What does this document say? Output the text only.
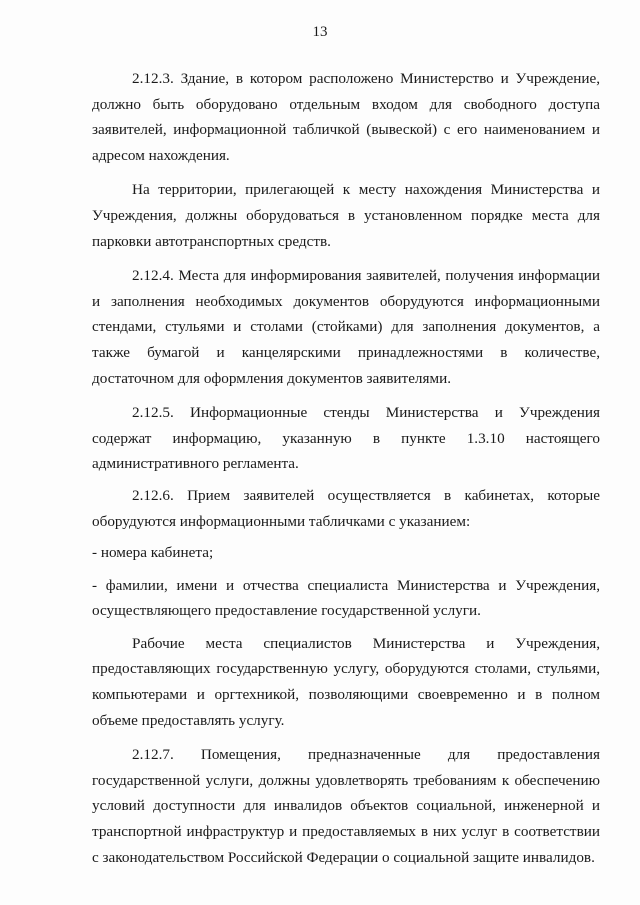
13

2.12.3. Здание, в котором расположено Министерство и Учреждение, должно быть оборудовано отдельным входом для свободного доступа заявителей, информационной табличкой (вывеской) с его наименованием и адресом нахождения.

На территории, прилегающей к месту нахождения Министерства и Учреждения, должны оборудоваться в установленном порядке места для парковки автотранспортных средств.

2.12.4. Места для информирования заявителей, получения информации и заполнения необходимых документов оборудуются информационными стендами, стульями и столами (стойками) для заполнения документов, а также бумагой и канцелярскими принадлежностями в количестве, достаточном для оформления документов заявителями.

2.12.5. Информационные стенды Министерства и Учреждения содержат информацию, указанную в пункте 1.3.10 настоящего административного регламента.

2.12.6. Прием заявителей осуществляется в кабинетах, которые оборудуются информационными табличками с указанием:

- номера кабинета;

- фамилии, имени и отчества специалиста Министерства и Учреждения, осуществляющего предоставление государственной услуги.

Рабочие места специалистов Министерства и Учреждения, предоставляющих государственную услугу, оборудуются столами, стульями, компьютерами и оргтехникой, позволяющими своевременно и в полном объеме предоставлять услугу.

2.12.7. Помещения, предназначенные для предоставления государственной услуги, должны удовлетворять требованиям к обеспечению условий доступности для инвалидов объектов социальной, инженерной и транспортной инфраструктур и предоставляемых в них услуг в соответствии с законодательством Российской Федерации о социальной защите инвалидов.
